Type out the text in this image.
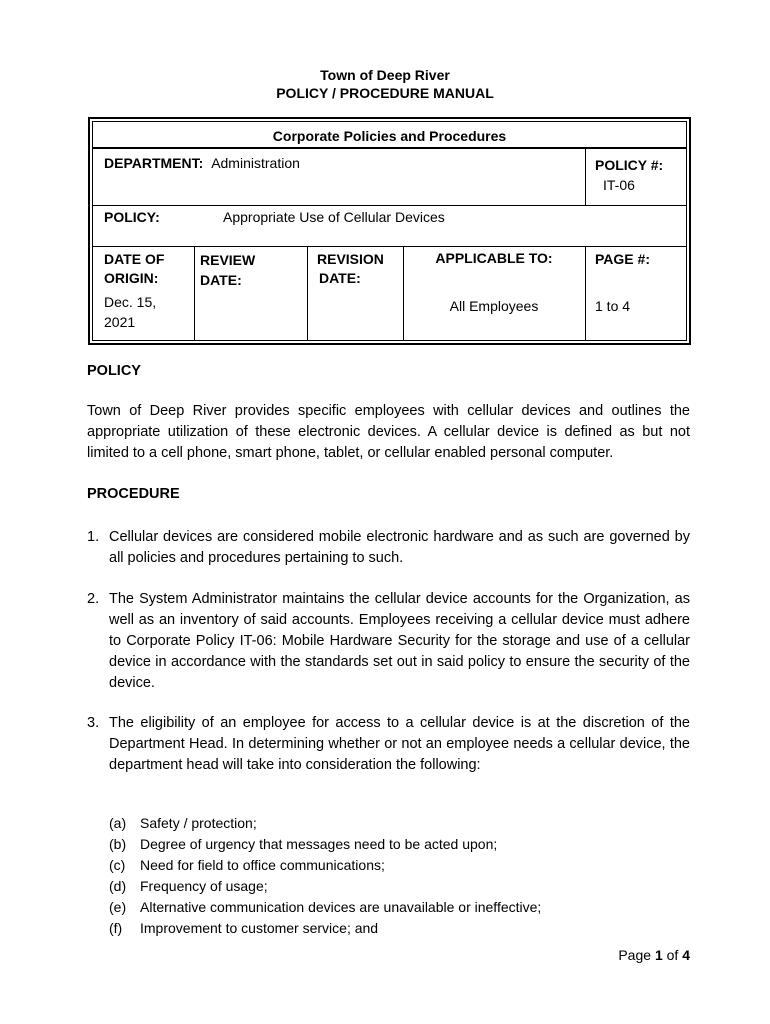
Town of Deep River
POLICY / PROCEDURE MANUAL
Corporate Policies and Procedures
DEPARTMENT: Administration	POLICY #:
IT-06
POLICY:	Appropriate Use of Cellular Devices
DATE OF
ORIGIN:
Dec. 15,
2021
REVIEW
DATE:
REVISION
DATE:
APPLICABLE TO:
All Employees
PAGE #:
1 to 4
POLICY
Town of Deep River provides specific employees with cellular devices and outlines the appropriate utilization of these electronic devices. A cellular device is defined as but not limited to a cell phone, smart phone, tablet, or cellular enabled personal computer.
PROCEDURE
1. Cellular devices are considered mobile electronic hardware and as such are governed by all policies and procedures pertaining to such.
2. The System Administrator maintains the cellular device accounts for the Organization, as well as an inventory of said accounts. Employees receiving a cellular device must adhere to Corporate Policy IT-06: Mobile Hardware Security for the storage and use of a cellular device in accordance with the standards set out in said policy to ensure the security of the device.
3. The eligibility of an employee for access to a cellular device is at the discretion of the Department Head. In determining whether or not an employee needs a cellular device, the department head will take into consideration the following:
(a) Safety / protection;
(b) Degree of urgency that messages need to be acted upon;
(c) Need for field to office communications;
(d) Frequency of usage;
(e) Alternative communication devices are unavailable or ineffective;
(f) Improvement to customer service; and
Page 1 of 4
